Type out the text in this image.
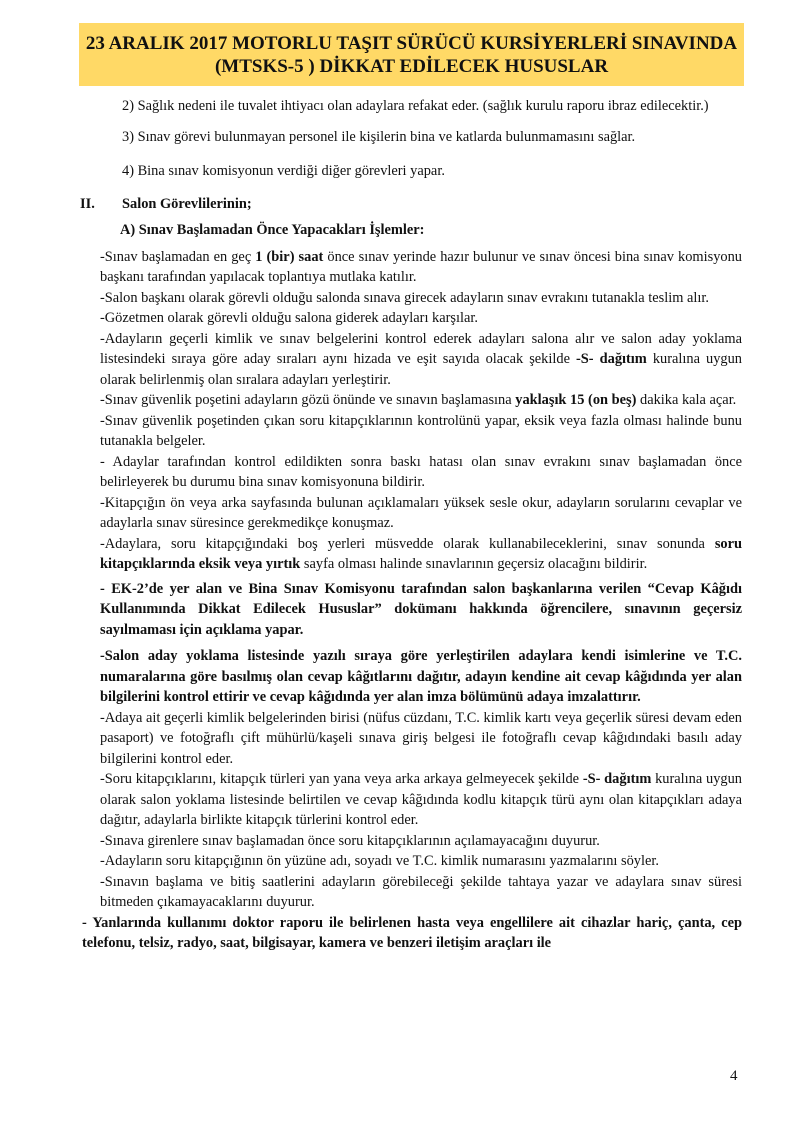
23 ARALIK 2017 MOTORLU TAŞIT SÜRÜCÜ KURSİYERLERİ SINAVINDA
(MTSKS-5 ) DİKKAT EDİLECEK HUSUSLAR

2) Sağlık nedeni ile tuvalet ihtiyacı olan adaylara refakat eder. (sağlık kurulu raporu ibraz edilecektir.)

3) Sınav görevi bulunmayan personel ile kişilerin bina ve katlarda bulunmamasını sağlar.

4) Bina sınav komisyonun verdiği diğer görevleri yapar.

II.	Salon Görevlilerinin;
A) Sınav Başlamadan Önce Yapacakları İşlemler:

-Sınav başlamadan en geç 1 (bir) saat önce sınav yerinde hazır bulunur ve sınav öncesi bina sınav komisyonu başkanı tarafından yapılacak toplantıya mutlaka katılır.

-Salon başkanı olarak görevli olduğu salonda sınava girecek adayların sınav evrakını tutanakla teslim alır.

-Gözetmen olarak görevli olduğu salona giderek adayları karşılar.

-Adayların geçerli kimlik ve sınav belgelerini kontrol ederek adayları salona alır ve salon aday yoklama listesindeki sıraya göre aday sıraları aynı hizada ve eşit sayıda olacak şekilde -S- dağıtım kuralına uygun olarak belirlenmiş olan sıralara adayları yerleştirir.

-Sınav güvenlik poşetini adayların gözü önünde ve sınavın başlamasına yaklaşık 15 (on beş) dakika kala açar.

-Sınav güvenlik poşetinden çıkan soru kitapçıklarının kontrolünü yapar, eksik veya fazla olması halinde bunu tutanakla belgeler.

- Adaylar tarafından kontrol edildikten sonra baskı hatası olan sınav evrakını sınav başlamadan önce belirleyerek bu durumu bina sınav komisyonuna bildirir.

-Kitapçığın ön veya arka sayfasında bulunan açıklamaları yüksek sesle okur, adayların sorularını cevaplar ve adaylarla sınav süresince gerekmedikçe konuşmaz.

-Adaylara, soru kitapçığındaki boş yerleri müsvedde olarak kullanabileceklerini, sınav sonunda soru kitapçıklarında eksik veya yırtık sayfa olması halinde sınavlarının geçersiz olacağını bildirir.

- EK-2’de yer alan ve Bina Sınav Komisyonu tarafından salon başkanlarına verilen “Cevap Kâğıdı Kullanımında Dikkat Edilecek Hususlar” dokümanı hakkında öğrencilere, sınavının geçersiz sayılmaması için açıklama yapar.

-Salon aday yoklama listesinde yazılı sıraya göre yerleştirilen adaylara kendi isimlerine ve T.C. numaralarına göre basılmış olan cevap kâğıtlarını dağıtır, adayın kendine ait cevap kâğıdında yer alan bilgilerini kontrol ettirir ve cevap kâğıdında yer alan imza bölümünü adaya imzalattırır.

-Adaya ait geçerli kimlik belgelerinden birisi (nüfus cüzdanı, T.C. kimlik kartı veya geçerlik süresi devam eden pasaport) ve fotoğraflı çift mühürlü/kaşeli sınava giriş belgesi ile fotoğraflı cevap kâğıdındaki basılı aday bilgilerini kontrol eder.

-Soru kitapçıklarını, kitapçık türleri yan yana veya arka arkaya gelmeyecek şekilde -S- dağıtım kuralına uygun olarak salon yoklama listesinde belirtilen ve cevap kâğıdında kodlu kitapçık türü aynı olan kitapçıkları adaya dağıtır, adaylarla birlikte kitapçık türlerini kontrol eder.

-Sınava girenlere sınav başlamadan önce soru kitapçıklarının açılamayacağını duyurur.

-Adayların soru kitapçığının ön yüzüne adı, soyadı ve T.C. kimlik numarasını yazmalarını söyler.

-Sınavın başlama ve bitiş saatlerini adayların görebileceği şekilde tahtaya yazar ve adaylara sınav süresi bitmeden çıkamayacaklarını duyurur.

- Yanlarında kullanımı doktor raporu ile belirlenen hasta veya engellilere ait cihazlar hariç, çanta, cep telefonu, telsiz, radyo, saat, bilgisayar, kamera ve benzeri iletişim araçları ile

4
